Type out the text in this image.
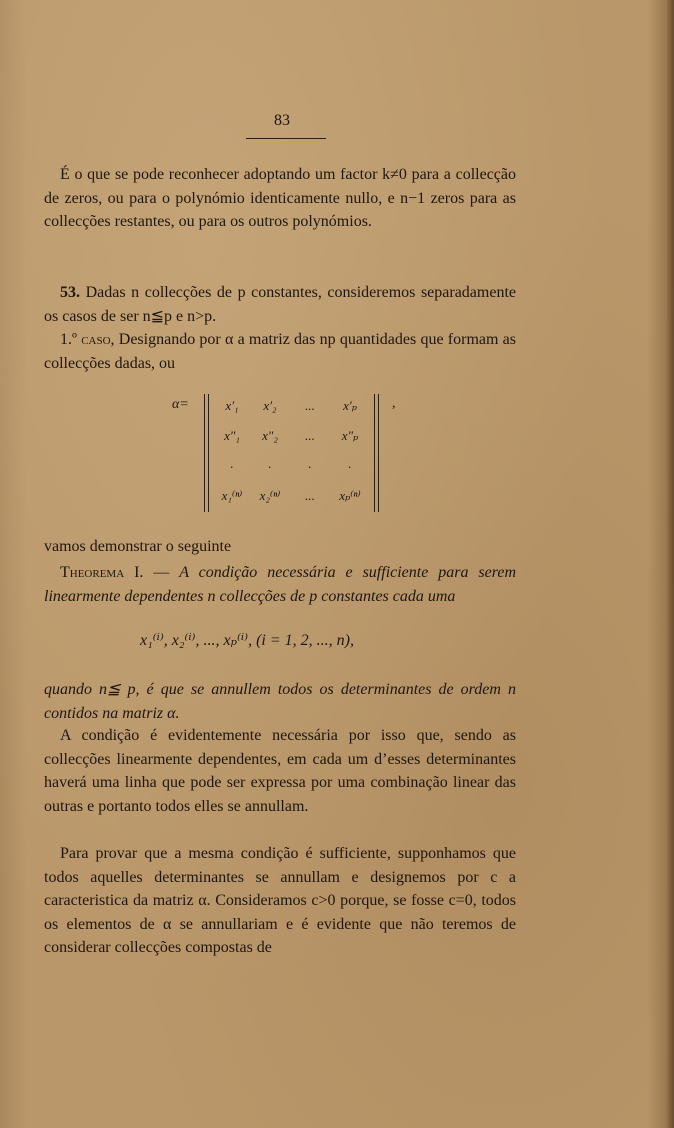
83
É o que se pode reconhecer adoptando um factor k≠0 para a collecção de zeros, ou para o polynómio identicamente nullo, e n−1 zeros para as collecções restantes, ou para os outros polynómios.
53. Dadas n collecções de p constantes, consideremos separadamente os casos de ser n≦p e n>p.
1.º caso, Designando por α a matriz das np quantidades que formam as collecções dadas, ou
α=	x′₁	x′₂	...	x′ₚ
x″₁	x″₂	...	x″ₚ
.	.	.	.
x₁⁽ⁿ⁾	x₂⁽ⁿ⁾	...	xₚ⁽ⁿ⁾
,
vamos demonstrar o seguinte
Theorema I. — A condição necessária e sufficiente para serem linearmente dependentes n collecções de p constantes cada uma
x₁⁽ⁱ⁾, x₂⁽ⁱ⁾, ..., xₚ⁽ⁱ⁾, (i = 1, 2, ..., n),
quando n≦ p, é que se annullem todos os determinantes de ordem n contidos na matriz α.
A condição é evidentemente necessária por isso que, sendo as collecções linearmente dependentes, em cada um d’esses determinantes haverá uma linha que pode ser expressa por uma combinação linear das outras e portanto todos elles se annullam.
Para provar que a mesma condição é sufficiente, supponhamos que todos aquelles determinantes se annullam e designemos por c a caracteristica da matriz α. Consideramos c>0 porque, se fosse c=0, todos os elementos de α se annullariam e é evidente que não teremos de considerar collecções compostas de
